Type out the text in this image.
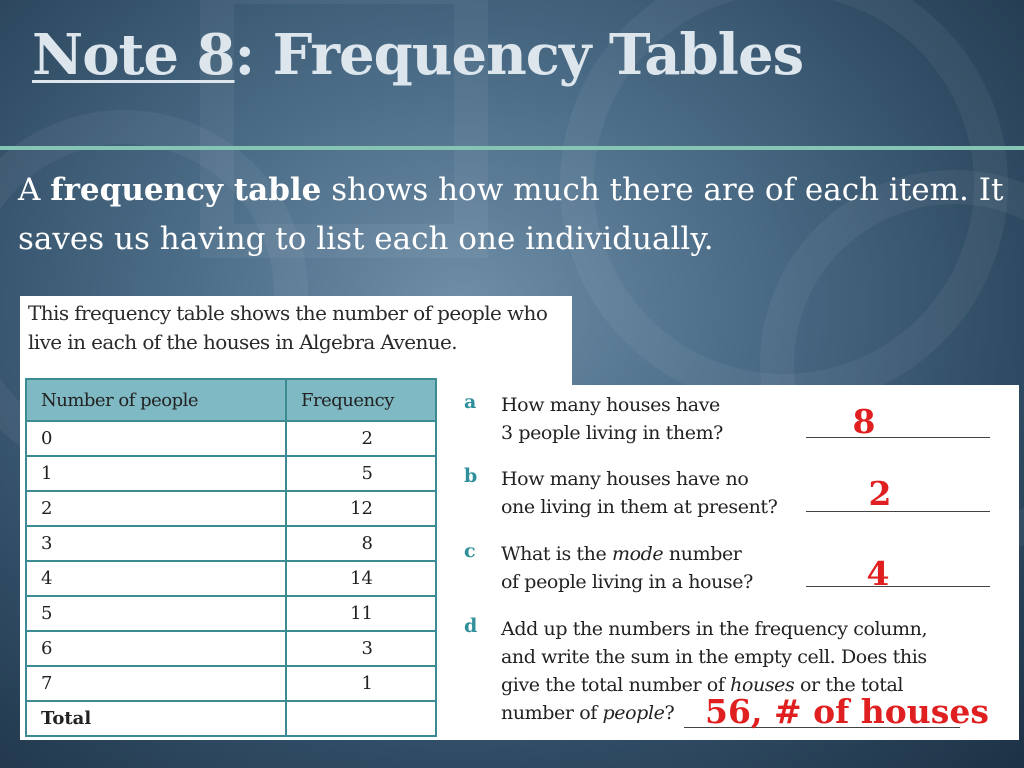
Note 8: Frequency Tables

A frequency table shows how much there are of each item. It saves us having to list each one individually.

This frequency table shows the number of people who live in each of the houses in Algebra Avenue.
Number of people	Frequency
0	2
1	5
2	12
3	8
4	14
5	11
6	3
7	1
Total	
a How many houses have
3 people living in them?	8
b How many houses have no
one living in them at present?	2
c What is the mode number
of people living in a house?	4
d Add up the numbers in the frequency column,
and write the sum in the empty cell. Does this
give the total number of houses or the total
number of people? 56, # of houses
